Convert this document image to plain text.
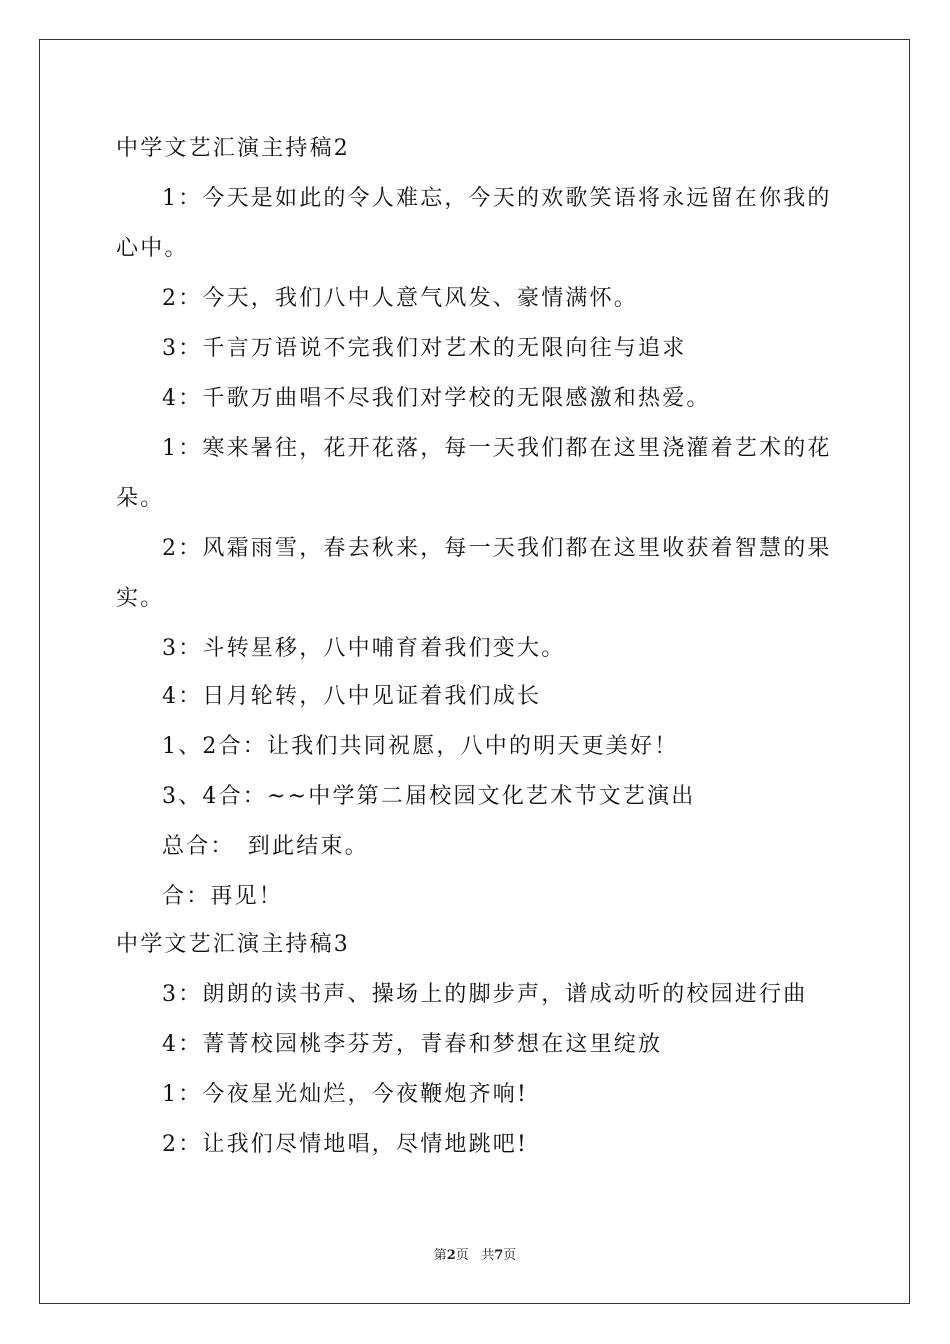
中学文艺汇演主持稿2
1：今天是如此的令人难忘，今天的欢歌笑语将永远留在你我的
心中。
2：今天，我们八中人意气风发、豪情满怀。
3：千言万语说不完我们对艺术的无限向往与追求
4：千歌万曲唱不尽我们对学校的无限感激和热爱。
1：寒来暑往，花开花落，每一天我们都在这里浇灌着艺术的花
朵。
2：风霜雨雪，春去秋来，每一天我们都在这里收获着智慧的果
实。
3：斗转星移，八中哺育着我们变大。
4：日月轮转，八中见证着我们成长
1、2合：让我们共同祝愿，八中的明天更美好！
3、4合：~~中学第二届校园文化艺术节文艺演出
总合：　到此结束。
合：再见！
中学文艺汇演主持稿3
3：朗朗的读书声、操场上的脚步声，谱成动听的校园进行曲
4：菁菁校园桃李芬芳，青春和梦想在这里绽放
1：今夜星光灿烂，今夜鞭炮齐响!
2：让我们尽情地唱，尽情地跳吧!
第2页 共7页
